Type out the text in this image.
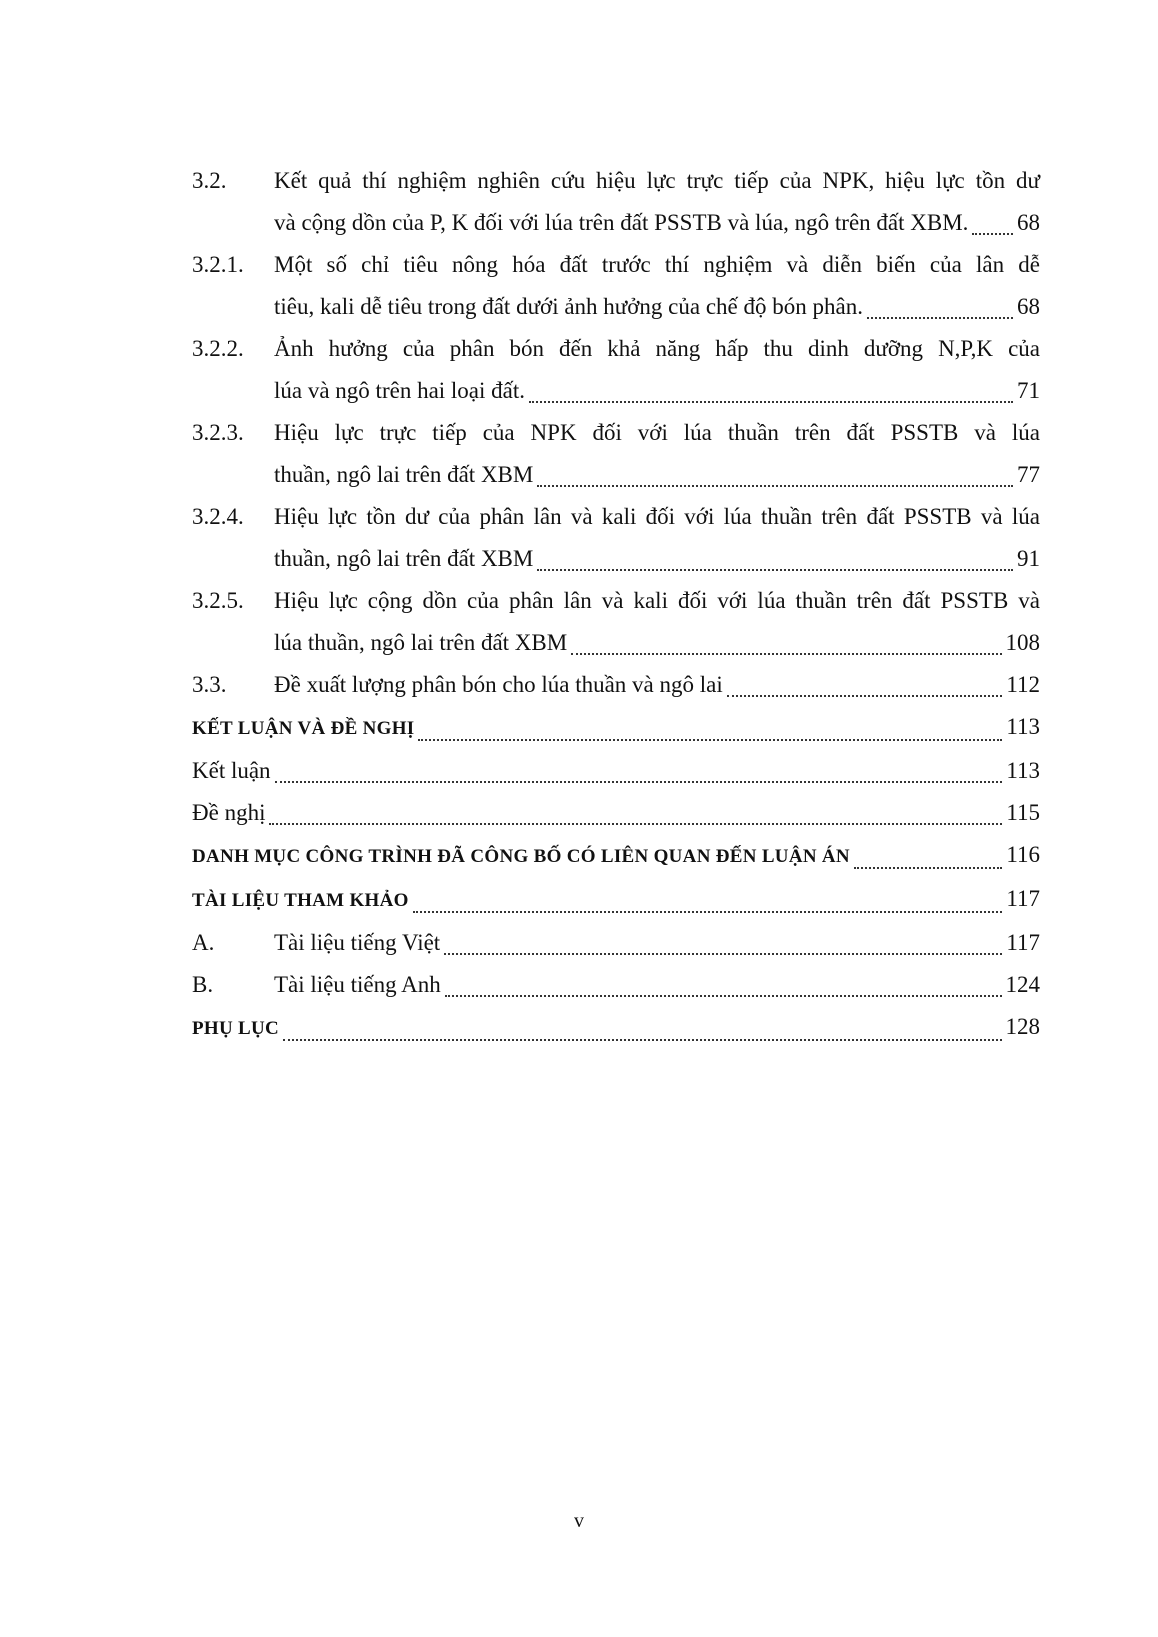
3.2.	Kết quả thí nghiệm nghiên cứu hiệu lực trực tiếp của NPK, hiệu lực tồn dư
và cộng dồn của P, K đối với lúa trên đất PSSTB và lúa, ngô trên đất XBM. 68
3.2.1.	Một số chỉ tiêu nông hóa đất trước thí nghiệm và diễn biến của lân dễ
tiêu, kali dễ tiêu trong đất dưới ảnh hưởng của chế độ bón phân.	68
3.2.2.	Ảnh hưởng của phân bón đến khả năng hấp thu dinh dưỡng N,P,K của
lúa và ngô trên hai loại đất.	71
3.2.3.	Hiệu lực trực tiếp của NPK đối với lúa thuần trên đất PSSTB và lúa
thuần, ngô lai trên đất XBM	77
3.2.4.	Hiệu lực tồn dư của phân lân và kali đối với lúa thuần trên đất PSSTB và lúa
thuần, ngô lai trên đất XBM	91
3.2.5.	Hiệu lực cộng dồn của phân lân và kali đối với lúa thuần trên đất PSSTB và
lúa thuần, ngô lai trên đất XBM	108
3.3.	Đề xuất lượng phân bón cho lúa thuần và ngô lai	112
KẾT LUẬN VÀ ĐỀ NGHỊ	113
Kết luận	113
Đề nghị	115
DANH MỤC CÔNG TRÌNH ĐÃ CÔNG BỐ CÓ LIÊN QUAN ĐẾN LUẬN ÁN	116
TÀI LIỆU THAM KHẢO	117
A.	Tài liệu tiếng Việt	117
B.	Tài liệu tiếng Anh	124
PHỤ LỤC	128
v
